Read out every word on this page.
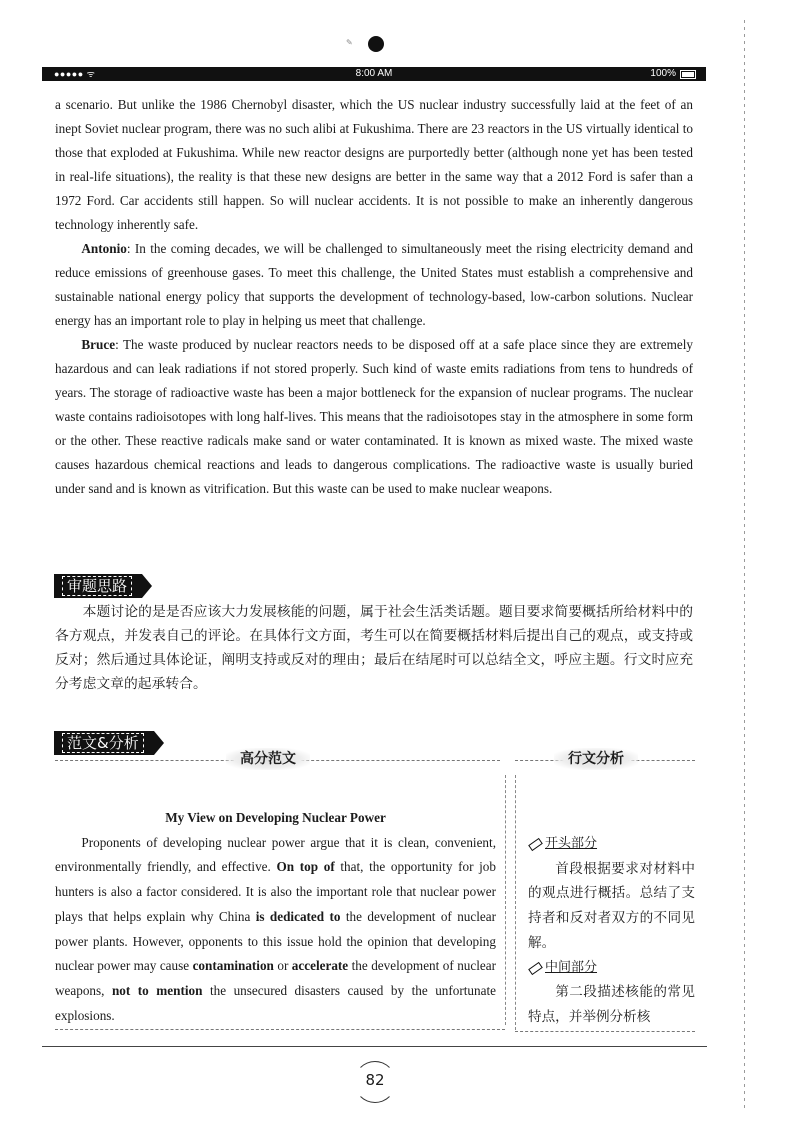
✎
●●●●● ᯤ	8:00 AM	100%

a scenario. But unlike the 1986 Chernobyl disaster, which the US nuclear industry successfully laid at the feet of an inept Soviet nuclear program, there was no such alibi at Fukushima. There are 23 reactors in the US virtually identical to those that exploded at Fukushima. While new reactor designs are purportedly better (although none yet has been tested in real-life situations), the reality is that these new designs are better in the same way that a 2012 Ford is safer than a 1972 Ford. Car accidents still happen. So will nuclear accidents. It is not possible to make an inherently dangerous technology inherently safe.

Antonio: In the coming decades, we will be challenged to simultaneously meet the rising electricity demand and reduce emissions of greenhouse gases. To meet this challenge, the United States must establish a comprehensive and sustainable national energy policy that supports the development of technology-based, low-carbon solutions. Nuclear energy has an important role to play in helping us meet that challenge.

Bruce: The waste produced by nuclear reactors needs to be disposed off at a safe place since they are extremely hazardous and can leak radiations if not stored properly. Such kind of waste emits radiations from tens to hundreds of years. The storage of radioactive waste has been a major bottleneck for the expansion of nuclear programs. The nuclear waste contains radioisotopes with long half-lives. This means that the radioisotopes stay in the atmosphere in some form or the other. These reactive radicals make sand or water contaminated. It is known as mixed waste. The mixed waste causes hazardous chemical reactions and leads to dangerous complications. The radioactive waste is usually buried under sand and is known as vitrification. But this waste can be used to make nuclear weapons.

审题思路

本题讨论的是是否应该大力发展核能的问题，属于社会生活类话题。题目要求简要概括所给材料中的各方观点，并发表自己的评论。在具体行文方面，考生可以在简要概括材料后提出自己的观点，或支持或反对；然后通过具体论证，阐明支持或反对的理由；最后在结尾时可以总结全文，呼应主题。行文时应充分考虑文章的起承转合。

范文&分析
高分范文	行文分析

My View on Developing Nuclear Power

Proponents of developing nuclear power argue that it is clean, convenient, environmentally friendly, and effective. On top of that, the opportunity for job hunters is also a factor considered. It is also the important role that nuclear power plays that helps explain why China is dedicated to the development of nuclear power plants. However, opponents to this issue hold the opinion that developing nuclear power may cause contamination or accelerate the development of nuclear weapons, not to mention the unsecured disasters caused by the unfortunate explosions.

开头部分

首段根据要求对材料中的观点进行概括。总结了支持者和反对者双方的不同见解。

中间部分

第二段描述核能的常见特点，并举例分析核

82
